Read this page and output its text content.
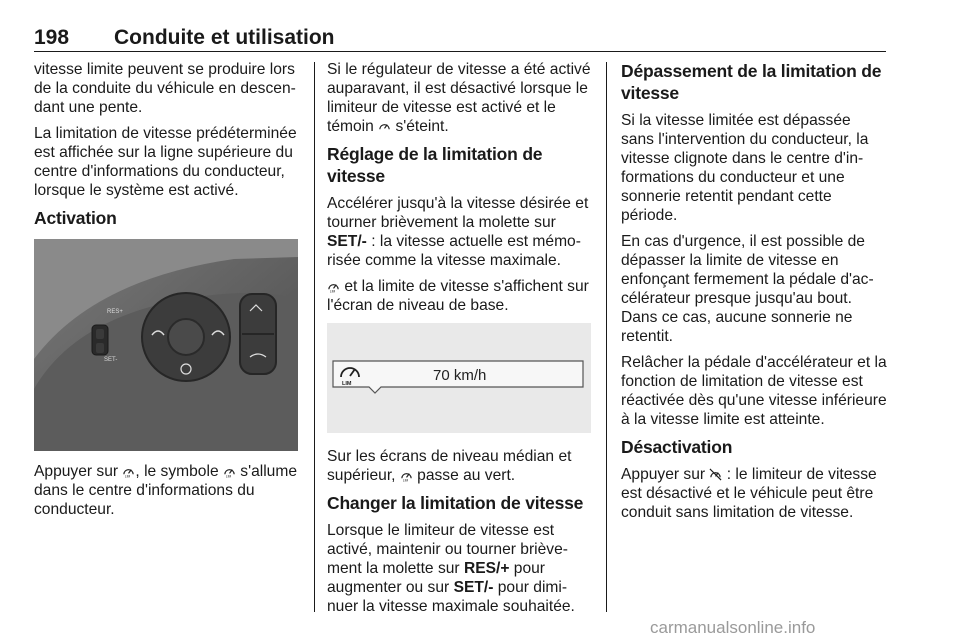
198 Conduite et utilisation

vitesse limite peuvent se produire lors de la conduite du véhicule en descendant une pente.

La limitation de vitesse prédéterminée est affichée sur la ligne supérieure du centre d'informations du conducteur, lorsque le système est activé.

Activation
RES+
SET-

Appuyer sur LIM , le symbole LIM s'allume dans le centre d'informations du conducteur.

Si le régulateur de vitesse a été activé auparavant, il est désactivé lorsque le limiteur de vitesse est activé et le témoin  s'éteint.

Réglage de la limitation de vitesse

Accélérer jusqu'à la vitesse désirée et tourner brièvement la molette sur SET/- : la vitesse actuelle est mémorisée comme la vitesse maximale.

LIM et la limite de vitesse s'affichent sur l'écran de niveau de base.

LIM	70 km/h

Sur les écrans de niveau médian et supérieur, LIM passe au vert.

Changer la limitation de vitesse

Lorsque le limiteur de vitesse est activé, maintenir ou tourner brièvement la molette sur RES/+ pour augmenter ou sur SET/- pour diminuer la vitesse maximale souhaitée.

Dépassement de la limitation de vitesse

Si la vitesse limitée est dépassée sans l'intervention du conducteur, la vitesse clignote dans le centre d'informations du conducteur et une sonnerie retentit pendant cette période.

En cas d'urgence, il est possible de dépasser la limite de vitesse en enfonçant fermement la pédale d'accélérateur presque jusqu'au bout. Dans ce cas, aucune sonnerie ne retentit.

Relâcher la pédale d'accélérateur et la fonction de limitation de vitesse est réactivée dès qu'une vitesse inférieure à la vitesse limite est atteinte.

Désactivation

Appuyer sur  : le limiteur de vitesse est désactivé et le véhicule peut être conduit sans limitation de vitesse.

carmanualsonline.info
